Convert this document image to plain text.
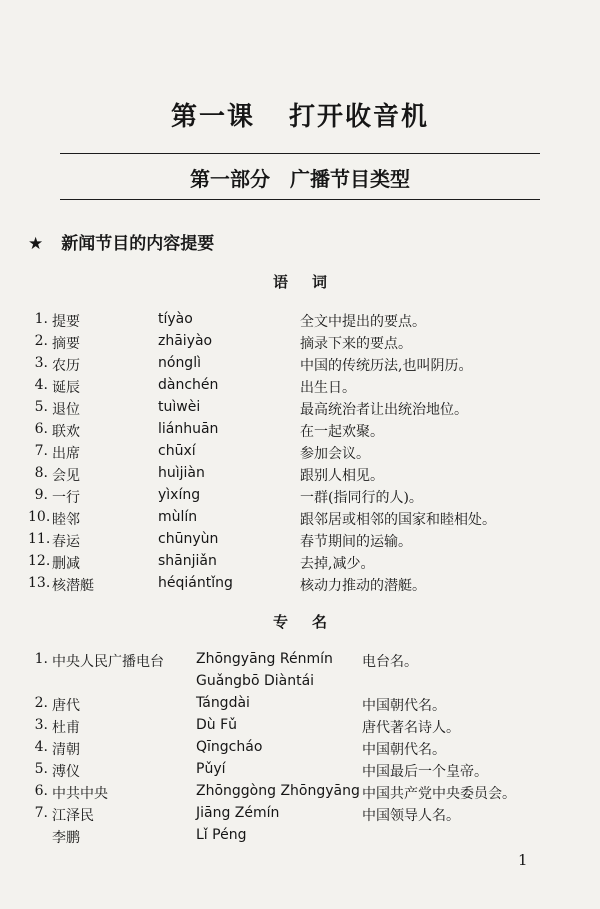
第一课 打开收音机
第一部分 广播节目类型
★ 新闻节目的内容提要
语词
1. 提要	tíyào	全文中提出的要点。
2. 摘要	zhāiyào	摘录下来的要点。
3. 农历	nónglì	中国的传统历法,也叫阴历。
4. 诞辰	dànchén	出生日。
5. 退位	tuìwèi	最高统治者让出统治地位。
6. 联欢	liánhuān	在一起欢聚。
7. 出席	chūxí	参加会议。
8. 会见	huìjiàn	跟别人相见。
9. 一行	yìxíng	一群(指同行的人)。
10. 睦邻	mùlín	跟邻居或相邻的国家和睦相处。
11. 春运	chūnyùn	春节期间的运输。
12. 删减	shānjiǎn	去掉,减少。
13. 核潜艇	héqiántǐng	核动力推动的潜艇。
专名
1. 中央人民广播电台 Zhōngyāng Rénmín 电台名。
Guǎngbō Diàntái
2. 唐代	Tángdài	中国朝代名。
3. 杜甫	Dù Fǔ	唐代著名诗人。
4. 清朝	Qīngcháo	中国朝代名。
5. 溥仪	Pǔyí	中国最后一个皇帝。
6. 中共中央	Zhōnggòng Zhōngyāng 中国共产党中央委员会。
7. 江泽民	Jiāng Zémín	中国领导人名。
李鹏	Lǐ Péng
1
